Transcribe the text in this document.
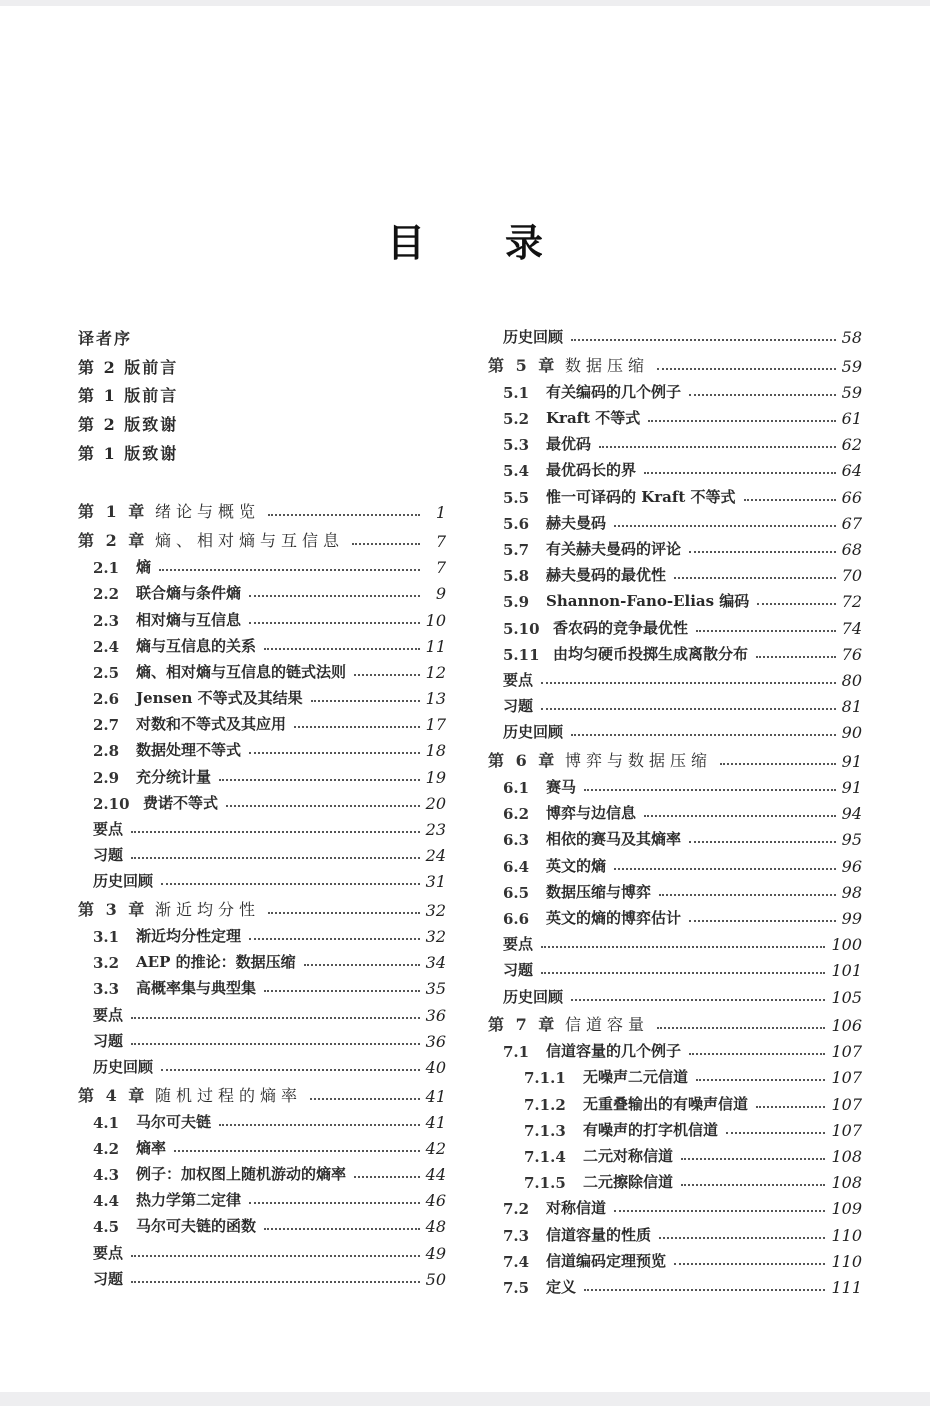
目录
译者序
第 2 版前言
第 1 版前言
第 2 版致谢
第 1 版致谢
第 1 章 绪论与概览	1
第 2 章 熵、相对熵与互信息	7
2.1	熵	7
2.2	联合熵与条件熵	9
2.3	相对熵与互信息	10
2.4	熵与互信息的关系	11
2.5	熵、相对熵与互信息的链式法则	12
2.6	Jensen 不等式及其结果	13
2.7	对数和不等式及其应用	17
2.8	数据处理不等式	18
2.9	充分统计量	19
2.10 费诺不等式	20
要点	23
习题	24
历史回顾	31
第 3 章 渐近均分性	32
3.1	渐近均分性定理	32
3.2	AEP 的推论：数据压缩	34
3.3	高概率集与典型集	35
要点	36
习题	36
历史回顾	40
第 4 章 随机过程的熵率	41
4.1	马尔可夫链	41
4.2	熵率	42
4.3	例子：加权图上随机游动的熵率	44
4.4	热力学第二定律	46
4.5	马尔可夫链的函数	48
要点	49
习题	50
历史回顾	58
第 5 章 数据压缩	59
5.1	有关编码的几个例子	59
5.2	Kraft 不等式	61
5.3	最优码	62
5.4	最优码长的界	64
5.5	惟一可译码的 Kraft 不等式	66
5.6	赫夫曼码	67
5.7	有关赫夫曼码的评论	68
5.8	赫夫曼码的最优性	70
5.9	Shannon-Fano-Elias 编码	72
5.10 香农码的竞争最优性	74
5.11 由均匀硬币投掷生成离散分布	76
要点	80
习题	81
历史回顾	90
第 6 章 博弈与数据压缩	91
6.1	赛马	91
6.2	博弈与边信息	94
6.3	相依的赛马及其熵率	95
6.4	英文的熵	96
6.5	数据压缩与博弈	98
6.6	英文的熵的博弈估计	99
要点	100
习题	101
历史回顾	105
第 7 章 信道容量	106
7.1	信道容量的几个例子	107
7.1.1	无噪声二元信道	107
7.1.2	无重叠输出的有噪声信道	107
7.1.3	有噪声的打字机信道	107
7.1.4	二元对称信道	108
7.1.5	二元擦除信道	108
7.2	对称信道	109
7.3	信道容量的性质	110
7.4	信道编码定理预览	110
7.5	定义	111
